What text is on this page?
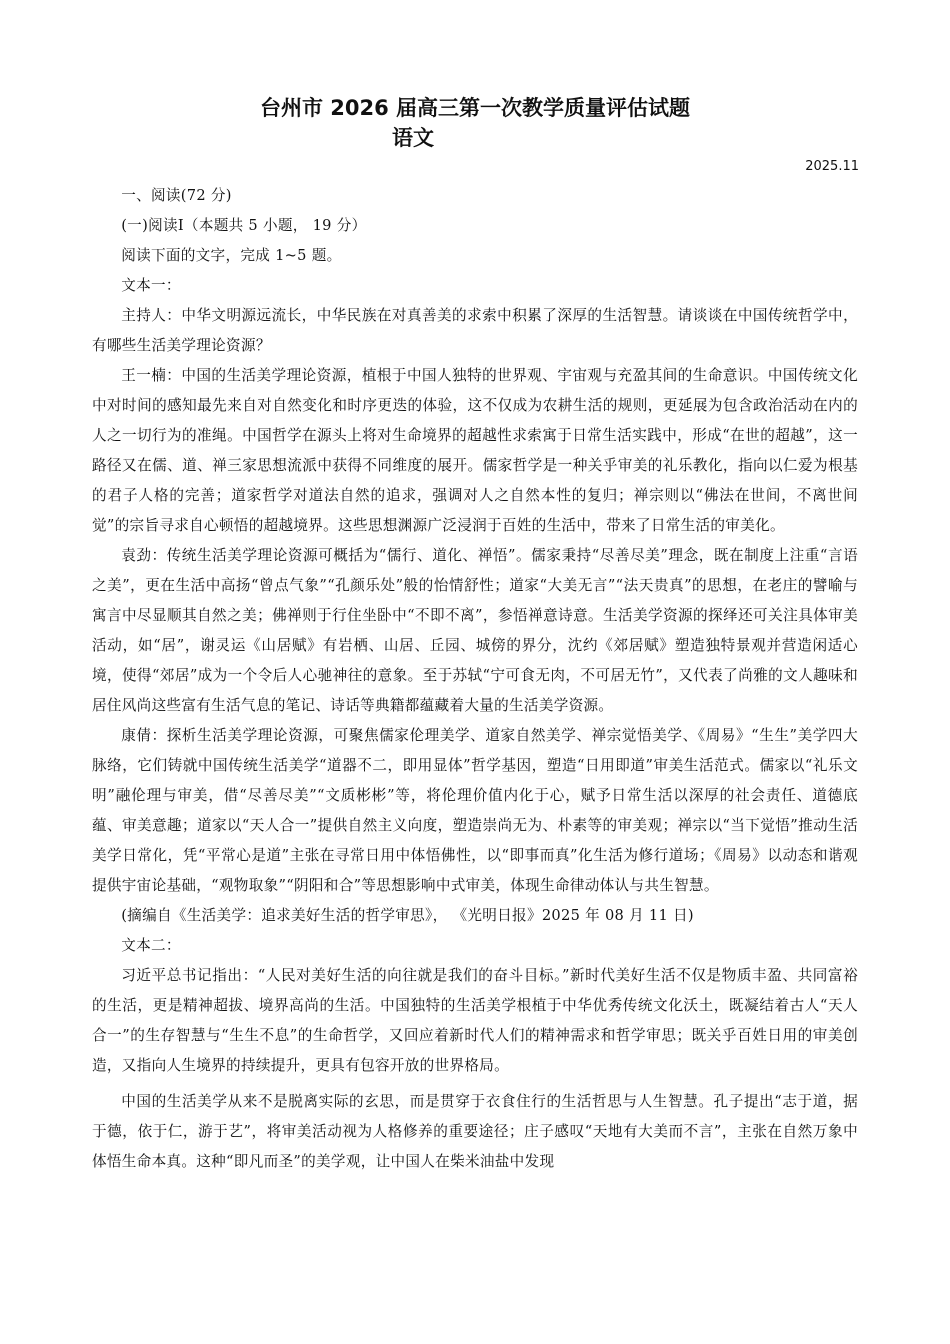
台州市 2026 届高三第一次教学质量评估试题
语文
2025.11

一、阅读(72 分)

(一)阅读Ⅰ（本题共 5 小题， 19 分）

阅读下面的文字，完成 1~5 题。

文本一：

主持人：中华文明源远流长，中华民族在对真善美的求索中积累了深厚的生活智慧。请谈谈在中国传统哲学中，有哪些生活美学理论资源？

王一楠：中国的生活美学理论资源，植根于中国人独特的世界观、宇宙观与充盈其间的生命意识。中国传统文化中对时间的感知最先来自对自然变化和时序更迭的体验，这不仅成为农耕生活的规则，更延展为包含政治活动在内的人之一切行为的准绳。中国哲学在源头上将对生命境界的超越性求索寓于日常生活实践中，形成“在世的超越”，这一路径又在儒、道、禅三家思想流派中获得不同维度的展开。儒家哲学是一种关乎审美的礼乐教化，指向以仁爱为根基的君子人格的完善；道家哲学对道法自然的追求，强调对人之自然本性的复归；禅宗则以“佛法在世间，不离世间觉”的宗旨寻求自心顿悟的超越境界。这些思想渊源广泛浸润于百姓的生活中，带来了日常生活的审美化。

袁劲：传统生活美学理论资源可概括为“儒行、道化、禅悟”。儒家秉持“尽善尽美”理念，既在制度上注重“言语之美”，更在生活中高扬“曾点气象”“孔颜乐处”般的怡情舒性；道家“大美无言”“法天贵真”的思想，在老庄的譬喻与寓言中尽显顺其自然之美；佛禅则于行住坐卧中“不即不离”，参悟禅意诗意。生活美学资源的探绎还可关注具体审美活动，如“居”，谢灵运《山居赋》有岩栖、山居、丘园、城傍的界分，沈约《郊居赋》塑造独特景观并营造闲适心境，使得“郊居”成为一个令后人心驰神往的意象。至于苏轼“宁可食无肉，不可居无竹”，又代表了尚雅的文人趣味和居住风尚这些富有生活气息的笔记、诗话等典籍都蕴藏着大量的生活美学资源。

康倩：探析生活美学理论资源，可聚焦儒家伦理美学、道家自然美学、禅宗觉悟美学、《周易》“生生”美学四大脉络，它们铸就中国传统生活美学“道器不二，即用显体”哲学基因，塑造“日用即道”审美生活范式。儒家以“礼乐文明”融伦理与审美，借“尽善尽美”“文质彬彬”等，将伦理价值内化于心，赋予日常生活以深厚的社会责任、道德底蕴、审美意趣；道家以“天人合一”提供自然主义向度，塑造崇尚无为、朴素等的审美观；禅宗以“当下觉悟”推动生活美学日常化，凭“平常心是道”主张在寻常日用中体悟佛性，以“即事而真”化生活为修行道场；《周易》以动态和谐观提供宇宙论基础，“观物取象”“阴阳和合”等思想影响中式审美，体现生命律动体认与共生智慧。

(摘编自《生活美学：追求美好生活的哲学审思》， 《光明日报》2025 年 08 月 11 日)

文本二：

习近平总书记指出：“人民对美好生活的向往就是我们的奋斗目标。”新时代美好生活不仅是物质丰盈、共同富裕的生活，更是精神超拔、境界高尚的生活。中国独特的生活美学根植于中华优秀传统文化沃土，既凝结着古人“天人合一”的生存智慧与“生生不息”的生命哲学，又回应着新时代人们的精神需求和哲学审思；既关乎百姓日用的审美创造，又指向人生境界的持续提升，更具有包容开放的世界格局。

中国的生活美学从来不是脱离实际的玄思，而是贯穿于衣食住行的生活哲思与人生智慧。孔子提出“志于道，据于德，依于仁，游于艺”，将审美活动视为人格修养的重要途径；庄子感叹“天地有大美而不言”，主张在自然万象中体悟生命本真。这种“即凡而圣”的美学观，让中国人在柴米油盐中发现
